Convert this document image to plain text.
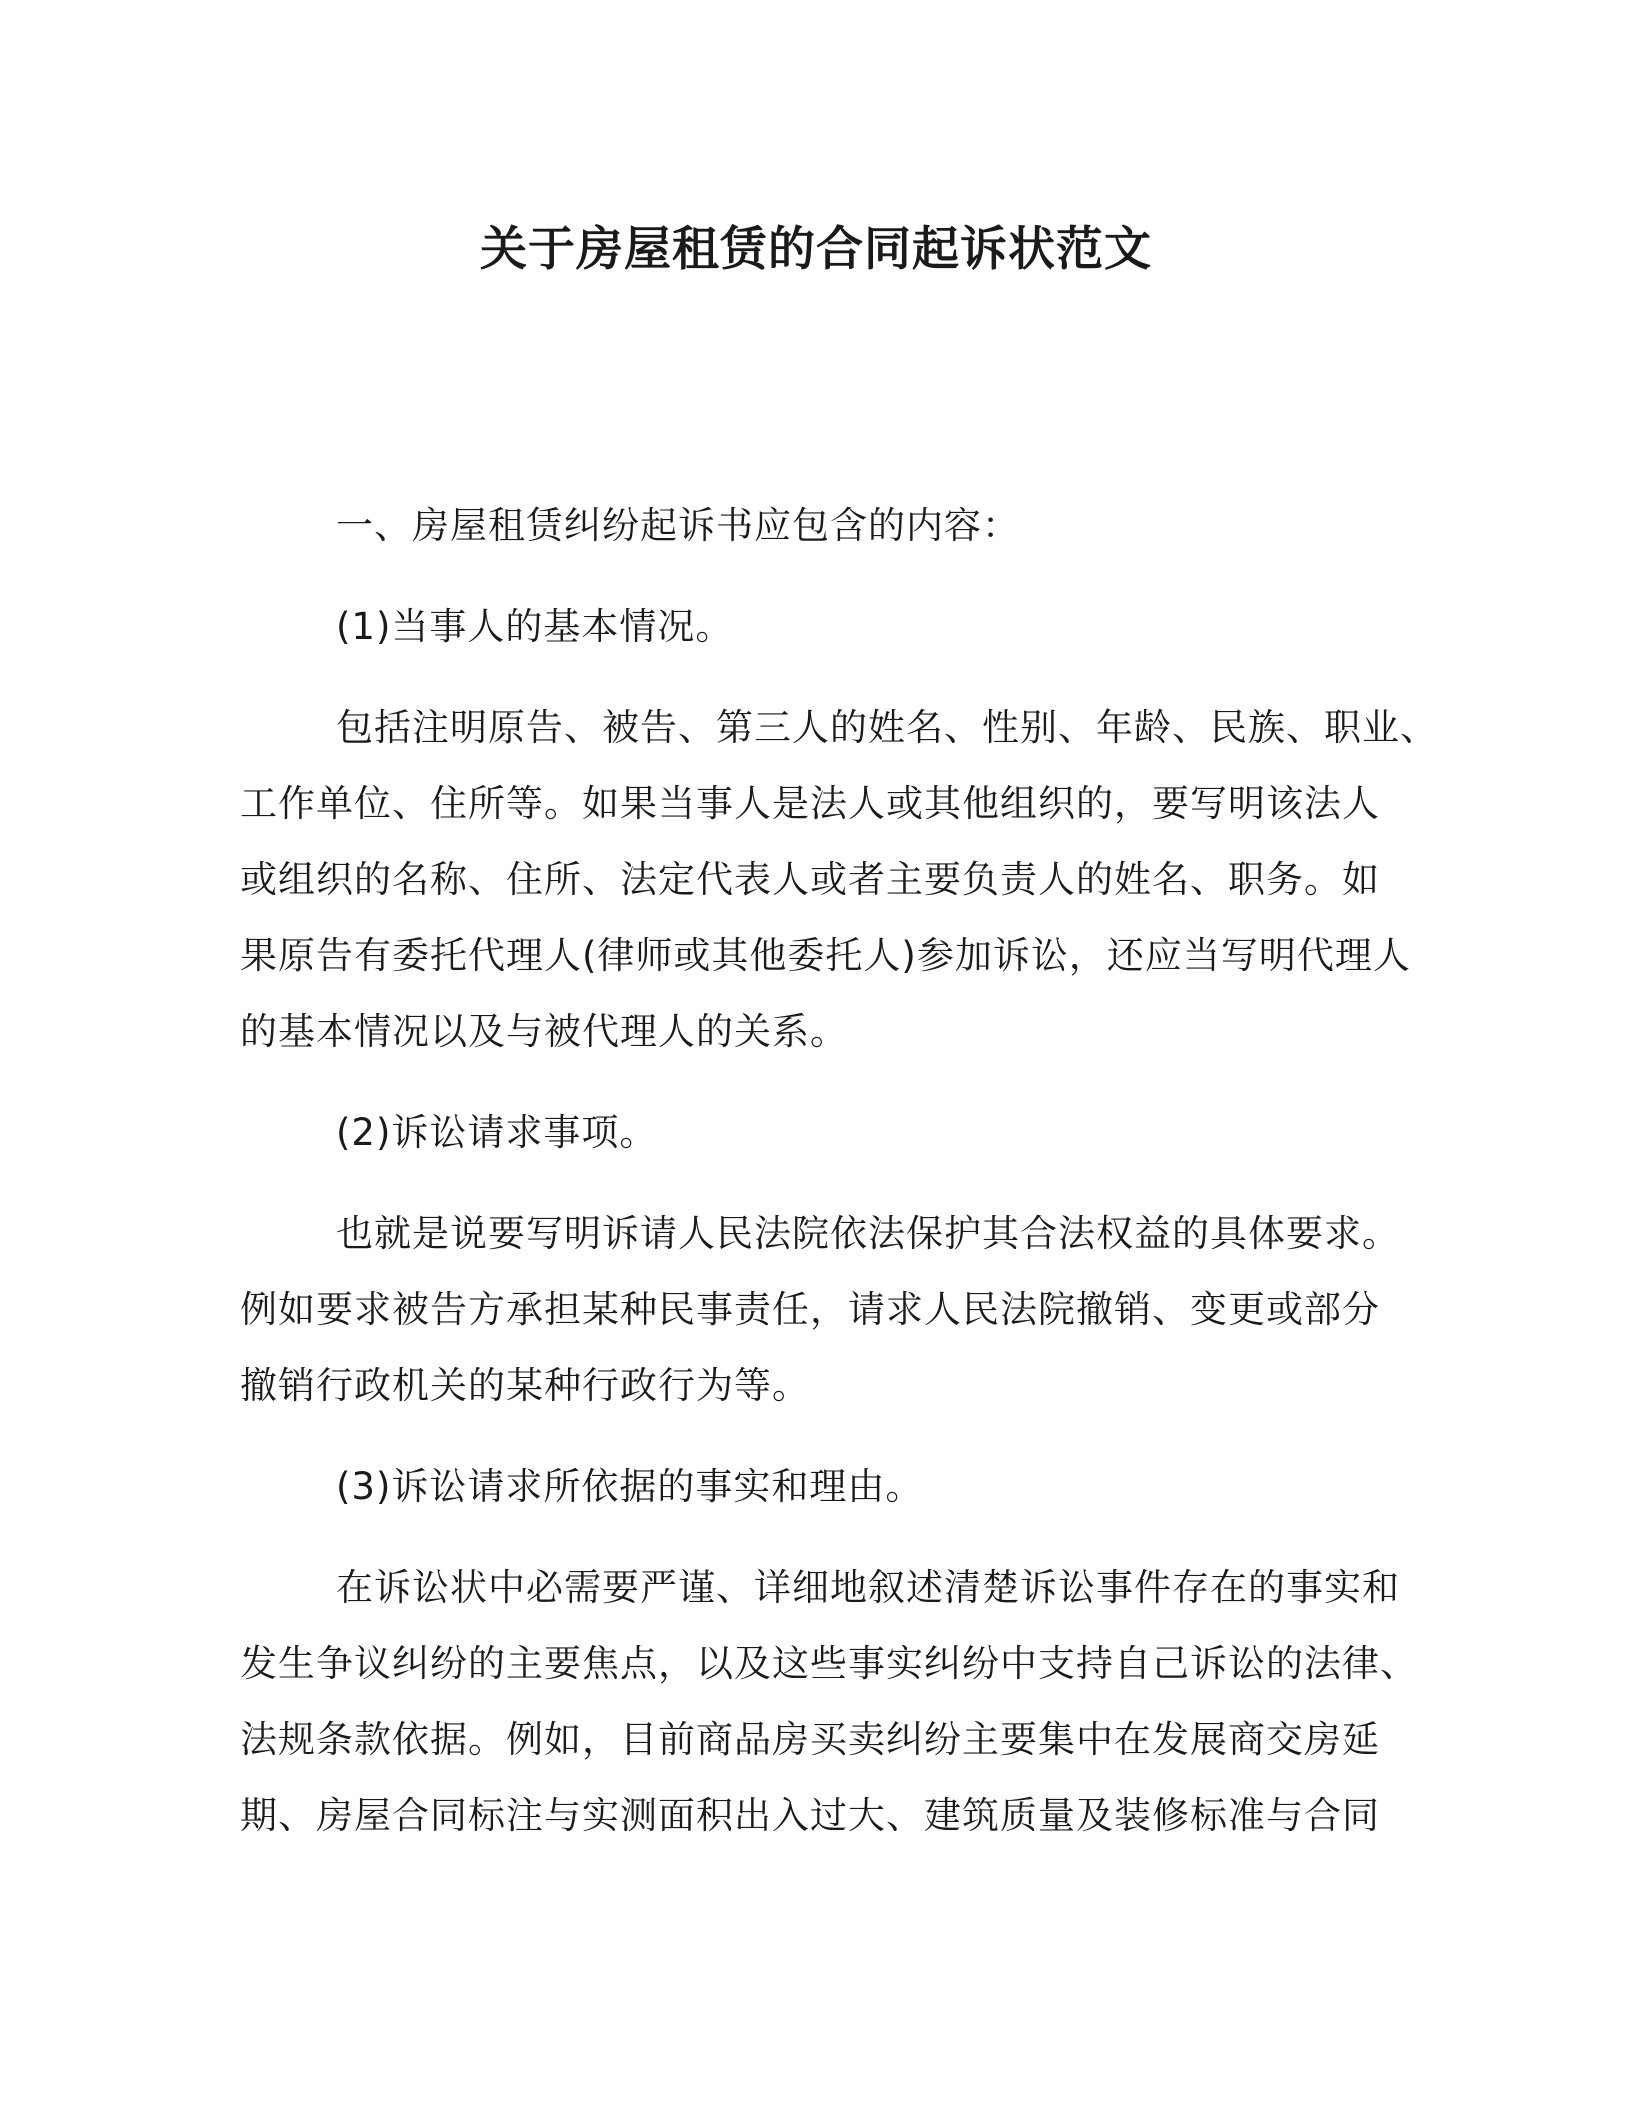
关于房屋租赁的合同起诉状范文

一、房屋租赁纠纷起诉书应包含的内容：

(1)当事人的基本情况。

包括注明原告、被告、第三人的姓名、性别、年龄、民族、职业、
工作单位、住所等。如果当事人是法人或其他组织的，要写明该法人
或组织的名称、住所、法定代表人或者主要负责人的姓名、职务。如
果原告有委托代理人(律师或其他委托人)参加诉讼，还应当写明代理人
的基本情况以及与被代理人的关系。

(2)诉讼请求事项。

也就是说要写明诉请人民法院依法保护其合法权益的具体要求。
例如要求被告方承担某种民事责任，请求人民法院撤销、变更或部分
撤销行政机关的某种行政行为等。

(3)诉讼请求所依据的事实和理由。

在诉讼状中必需要严谨、详细地叙述清楚诉讼事件存在的事实和
发生争议纠纷的主要焦点，以及这些事实纠纷中支持自己诉讼的法律、
法规条款依据。例如，目前商品房买卖纠纷主要集中在发展商交房延
期、房屋合同标注与实测面积出入过大、建筑质量及装修标准与合同
